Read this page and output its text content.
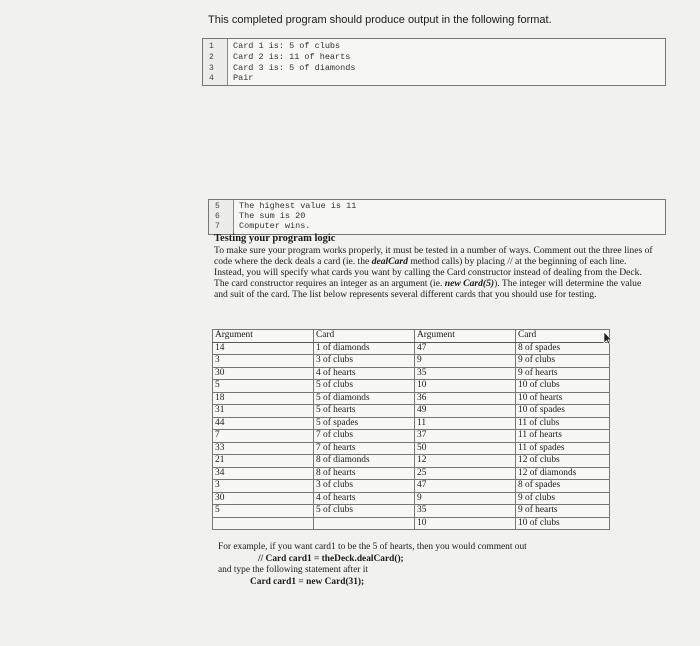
This completed program should produce output in the following format.
1	Card 1 is: 5 of clubs
2	Card 2 is: 11 of hearts
3	Card 3 is: 5 of diamonds
4	Pair
5	The highest value is 11
6	The sum is 20
7	Computer wins.
Testing your program logic
To make sure your program works properly, it must be tested in a number of ways. Comment out the three lines of code where the deck deals a card (ie. the dealCard method calls) by placing // at the beginning of each line. Instead, you will specify what cards you want by calling the Card constructor instead of dealing from the Deck. The card constructor requires an integer as an argument (ie. new Card(5)). The integer will determine the value and suit of the card. The list below represents several different cards that you should use for testing.
Argument	Card	Argument	Card
14	1 of diamonds	47	8 of spades
3	3 of clubs	9	9 of clubs
30	4 of hearts	35	9 of hearts
5	5 of clubs	10	10 of clubs
18	5 of diamonds	36	10 of hearts
31	5 of hearts	49	10 of spades
44	5 of spades	11	11 of clubs
7	7 of clubs	37	11 of hearts
33	7 of hearts	50	11 of spades
21	8 of diamonds	12	12 of clubs
34	8 of hearts	25	12 of diamonds
3	3 of clubs	47	8 of spades
30	4 of hearts	9	9 of clubs
5	5 of clubs	35	9 of hearts
		10	10 of clubs
For example, if you want card1 to be the 5 of hearts, then you would comment out
// Card card1 = theDeck.dealCard();
and type the following statement after it
Card card1 = new Card(31);
